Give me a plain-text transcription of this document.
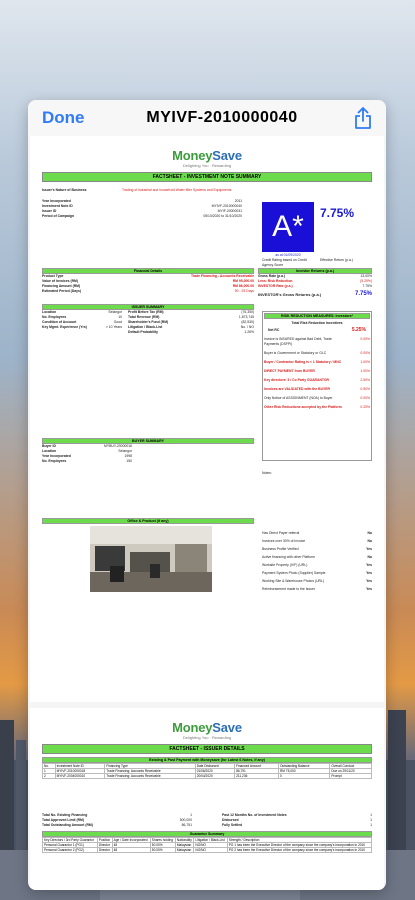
Done	MYIVF-2010000040
MoneySave
Delighting You · Rewarding
FACTSHEET - INVESTMENT NOTE SUMMARY
Issuer's Nature of Business	Trading of industrial and household Water filter Systems and Equipments
Year Incorporated	2011
Investment Note ID	MYIVF-2010000040
Issuer ID	MYIF-20000031
Period of Campaign	05/10/2020 to 31/10/2020	A*	7.75%
as at 01/09/2020
Credit Rating based on Credit Agency Score
Effective Return (p.a.)
Financial Details
Product Type	Trade Financing - Accounts Receivable
Value of Invoices (RM)	RM 95,000.00
Financing Amount (RM)	RM 86,000.00
Estimated Period (Days)	90 - 93 Days
Investor Returns (p.a.)
Gross Rate (p.a.)	13.00%
Less: Risk Reduction	(5.25%)
INVESTOR Rate (p.a.)	7.75%
INVESTOR's Gross Returns (p.a.)	7.75%
ISSUER SUMMARY
Location	Selangor
No. Employees	10
Condition of Account	Good
Key Mgmt. Experience (Yrs)	> 10 Years
Profit Before Tax (RM)	(76,350)
Total Revenue (RM)	1,873,745
Shareholder's Fund (RM)	(82,530)
Litigation / Black-List	No. / NO
Default Probability	1.26%
RISK REDUCTION MEASURES: Investors*
Total Risk Reduction Incentives
Net RC	5.25%
Invoice is INSURED against Bad Debt, Trade Payments (DSFPI)
0.00%
Buyer is Government or Statutory or GLC	0.00%
Buyer / Contractor Rating is < 1 Statutory / MNC	1.00%
DIRECT PAYMENT from BUYER	1.00%
Key directors' 3 / Co Party GUARANTOR	2.50%
Invoices are VALIDATED with the BUYER	0.50%
Only Notice of ASSIGNMENT (NOA) to Buyer	0.00%
Other Risk Reductions accepted by the Platform	0.25%
BUYER SUMMARY
Buyer ID	MYBUY-20000016
Location	Selangor
Year Incorporated	1998
No. Employees	150
Office & Product (if any)
Has Direct Payer referral	No
Invoices over 30% of Invoice	No
Business Profile Verified	Yes
Active financing with other Platform	No
Worksite Property (IVF) (URL)	Yes
Payment System Photo (Supplier) Sample	Yes
Working Site & Warehouse Photos (URL)	Yes
Reimbursement made to the Issuer	Yes
Notes:
MoneySave
Delighting You · Rewarding
FACTSHEET - ISSUER DETAILS
Existing & Past Payment with Moneysave (for Latest 6 Notes, if any)
No.	Investment Note ID	Financing Type	Date Disbursed	Financed Amount	Outstanding Balance	Overall Conduct
1	MYIVF-2010000018	Trade Financing: Accounts Receivable	01/06/2020	86,791	RM 75,000	Due on 29/11/20
2	MYIVF-2004000010	Trade Financing: Accounts Receivable	20/04/2020	211,236	0	Prompt
Total No. Existing Financing	1
Total Approved Limit (RM)	500,000
Total Outstanding Amount (RM)	86,751
Past 12 Months No. of Investment Notes	1
Disbursed	1
Fully Settled	1
Guarantor Summary
Key Directors / 3rd Party Guarantor	Position	Age / Date Incorporated	Shares holding	Nationality	Litigation / Black-List	Strength / Description
Personal Guarantor 1 (PG1)	Director	48	50.00%	Malaysian	NO/NO	PG 1 has been the Executive Director of the company since the company's incorporation in 2010
Personal Guarantor 2 (PG2)	Director	48	50.00%	Malaysian	NO/NO	PG 2 has been the Executive Director of the company since the company's incorporation in 2010
